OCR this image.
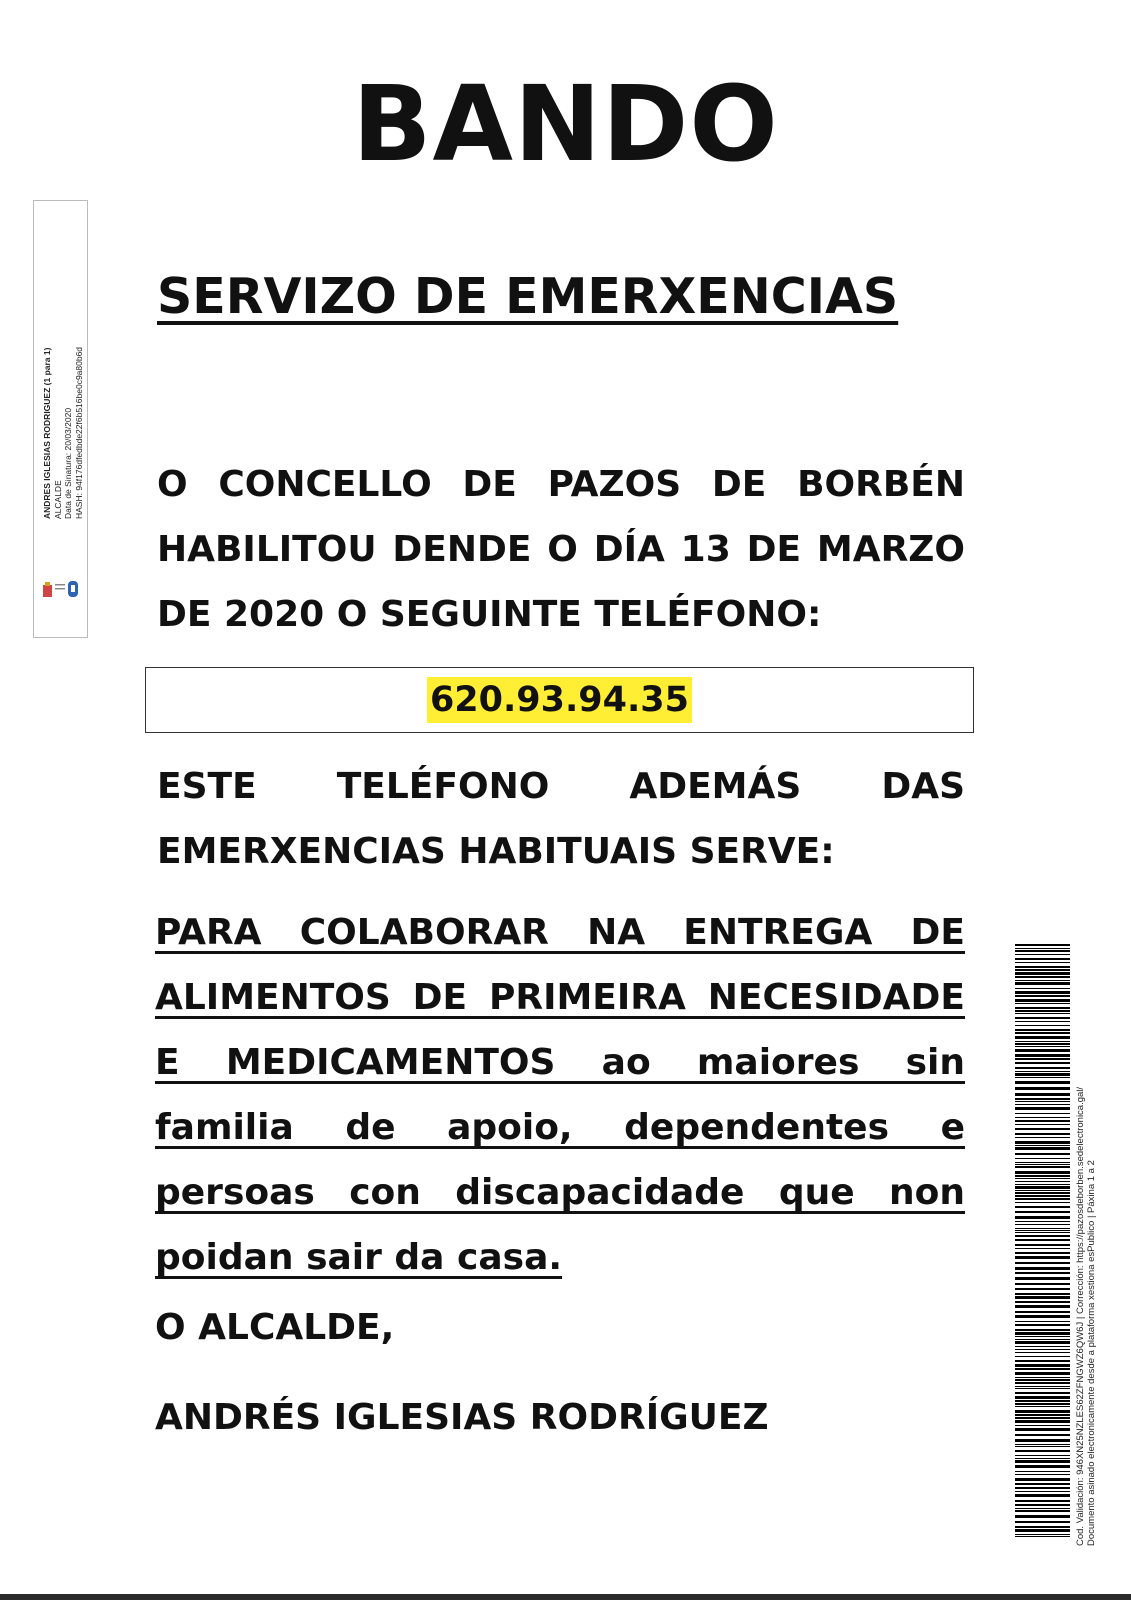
BANDO
SERVIZO DE EMERXENCIAS
O CONCELLO DE PAZOS DE BORBÉN HABILITOU DENDE O DÍA 13 DE MARZO DE 2020 O SEGUINTE TELÉFONO:
620.93.94.35
ESTE TELÉFONO ADEMÁS DAS EMERXENCIAS HABITUAIS SERVE:
PARA COLABORAR NA ENTREGA DE ALIMENTOS DE PRIMEIRA NECESIDADE E MEDICAMENTOS ao maiores sin familia de apoio, dependentes e persoas con discapacidade que non poidan sair da casa.
O ALCALDE,
ANDRÉS IGLESIAS RODRÍGUEZ
ANDRES IGLESIAS RODRIGUEZ (1 para 1) ALCALDE Data de Sinatura: 20/03/2020 HASH: 94f176dfedbde22f6b516be0c9a80b6d
Cod. Validación: 946XN25NZLES62ZFNGWZ6QW6J | Corrección: https://pazosdeborben.sedelectronica.gal/ Documento asinado electronicamente desde a plataforma xestiona esPublico | Páxina 1 a 2
